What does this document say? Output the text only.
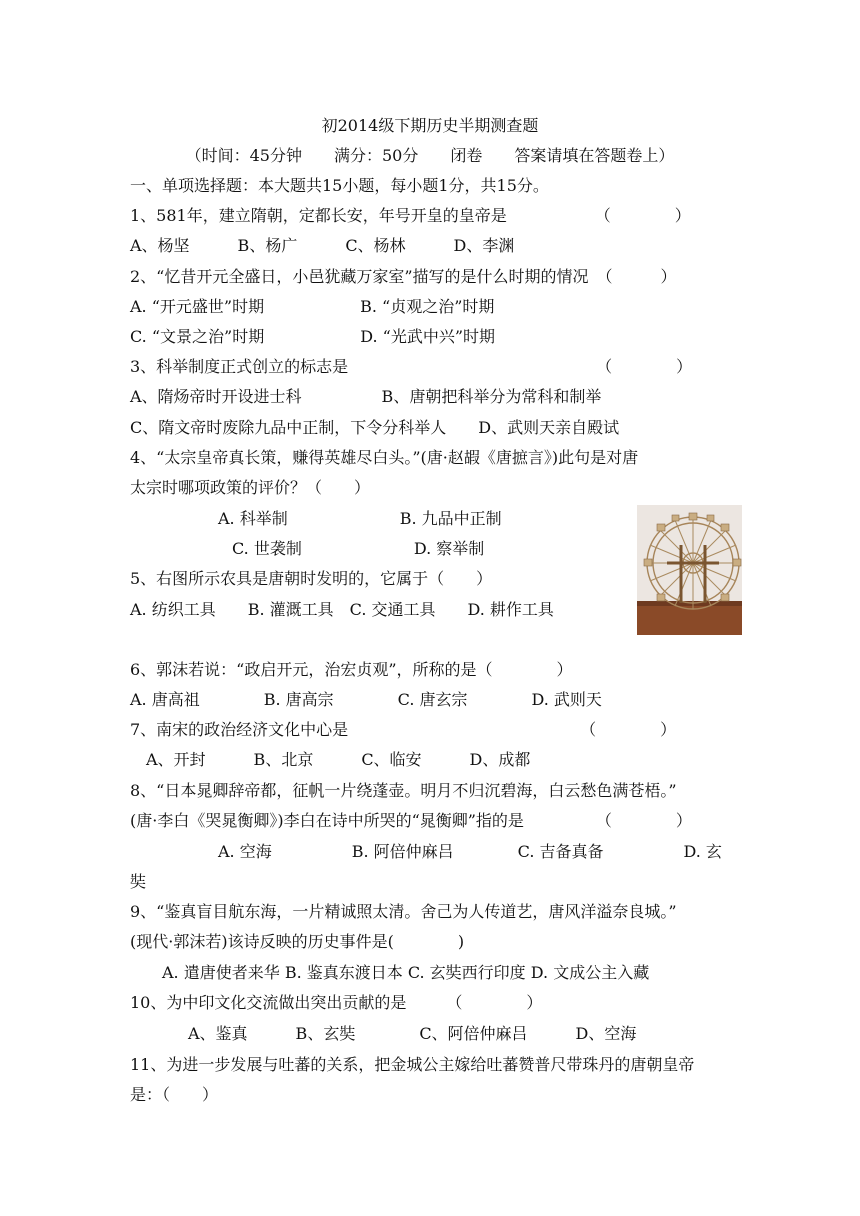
初2014级下期历史半期测查题
（时间：45分钟　　满分：50分　　闭卷　　答案请填在答题卷上）
一、单项选择题：本大题共15小题，每小题1分，共15分。
1、581年，建立隋朝，定都长安，年号开皇的皇帝是　　　　　　（　　　　）
A、杨坚　　　B、杨广　　　C、杨林　　　D、李渊
2、“忆昔开元全盛日，小邑犹藏万家室”描写的是什么时期的情况　（　　　）
A. “开元盛世”时期　　　　　　B. “贞观之治”时期
C. “文景之治”时期　　　　　　D. “光武中兴”时期
3、科举制度正式创立的标志是　　　　　　　　　　　　　　　　（　　　　）
A、隋炀帝时开设进士科　　　　　B、唐朝把科举分为常科和制举
C、隋文帝时废除九品中正制，下令分科举人　　D、武则天亲自殿试
4、“太宗皇帝真长策，赚得英雄尽白头。”(唐·赵嘏《唐摭言》)此句是对唐
太宗时哪项政策的评价？（　　）
A. 科举制　　　　　　　B. 九品中正制
C. 世袭制　　　　　　　D. 察举制
5、右图所示农具是唐朝时发明的，它属于（　　）
A. 纺织工具　　B. 灌溉工具　C. 交通工具　　D. 耕作工具
6、郭沫若说：“政启开元，治宏贞观”，所称的是（　　　　）
A. 唐高祖　　　　B. 唐高宗　　　　C. 唐玄宗　　　　D. 武则天
7、南宋的政治经济文化中心是　　　　　　　　　　　　　　　（　　　　）
A、开封　　　B、北京　　　C、临安　　　D、成都
8、“日本晁卿辞帝都，征帆一片绕蓬壶。明月不归沉碧海，白云愁色满苍梧。”
(唐·李白《哭晁衡卿》)李白在诗中所哭的“晁衡卿”指的是　　　　　（　　　　）
A. 空海　　　　　B. 阿倍仲麻吕　　　　C. 吉备真备　　　　　D. 玄
奘
9、“鉴真盲目航东海，一片精诚照太清。舍己为人传道艺，唐风洋溢奈良城。”
(现代·郭沫若)该诗反映的历史事件是(　　　　)
A. 遣唐使者来华 B. 鉴真东渡日本 C. 玄奘西行印度 D. 文成公主入藏
10、为中印文化交流做出突出贡献的是　　　（　　　　）
A、鉴真　　　B、玄奘　　　　C、阿倍仲麻吕　　　D、空海
11、为进一步发展与吐蕃的关系，把金城公主嫁给吐蕃赞普尺带珠丹的唐朝皇帝
是：（　　）
